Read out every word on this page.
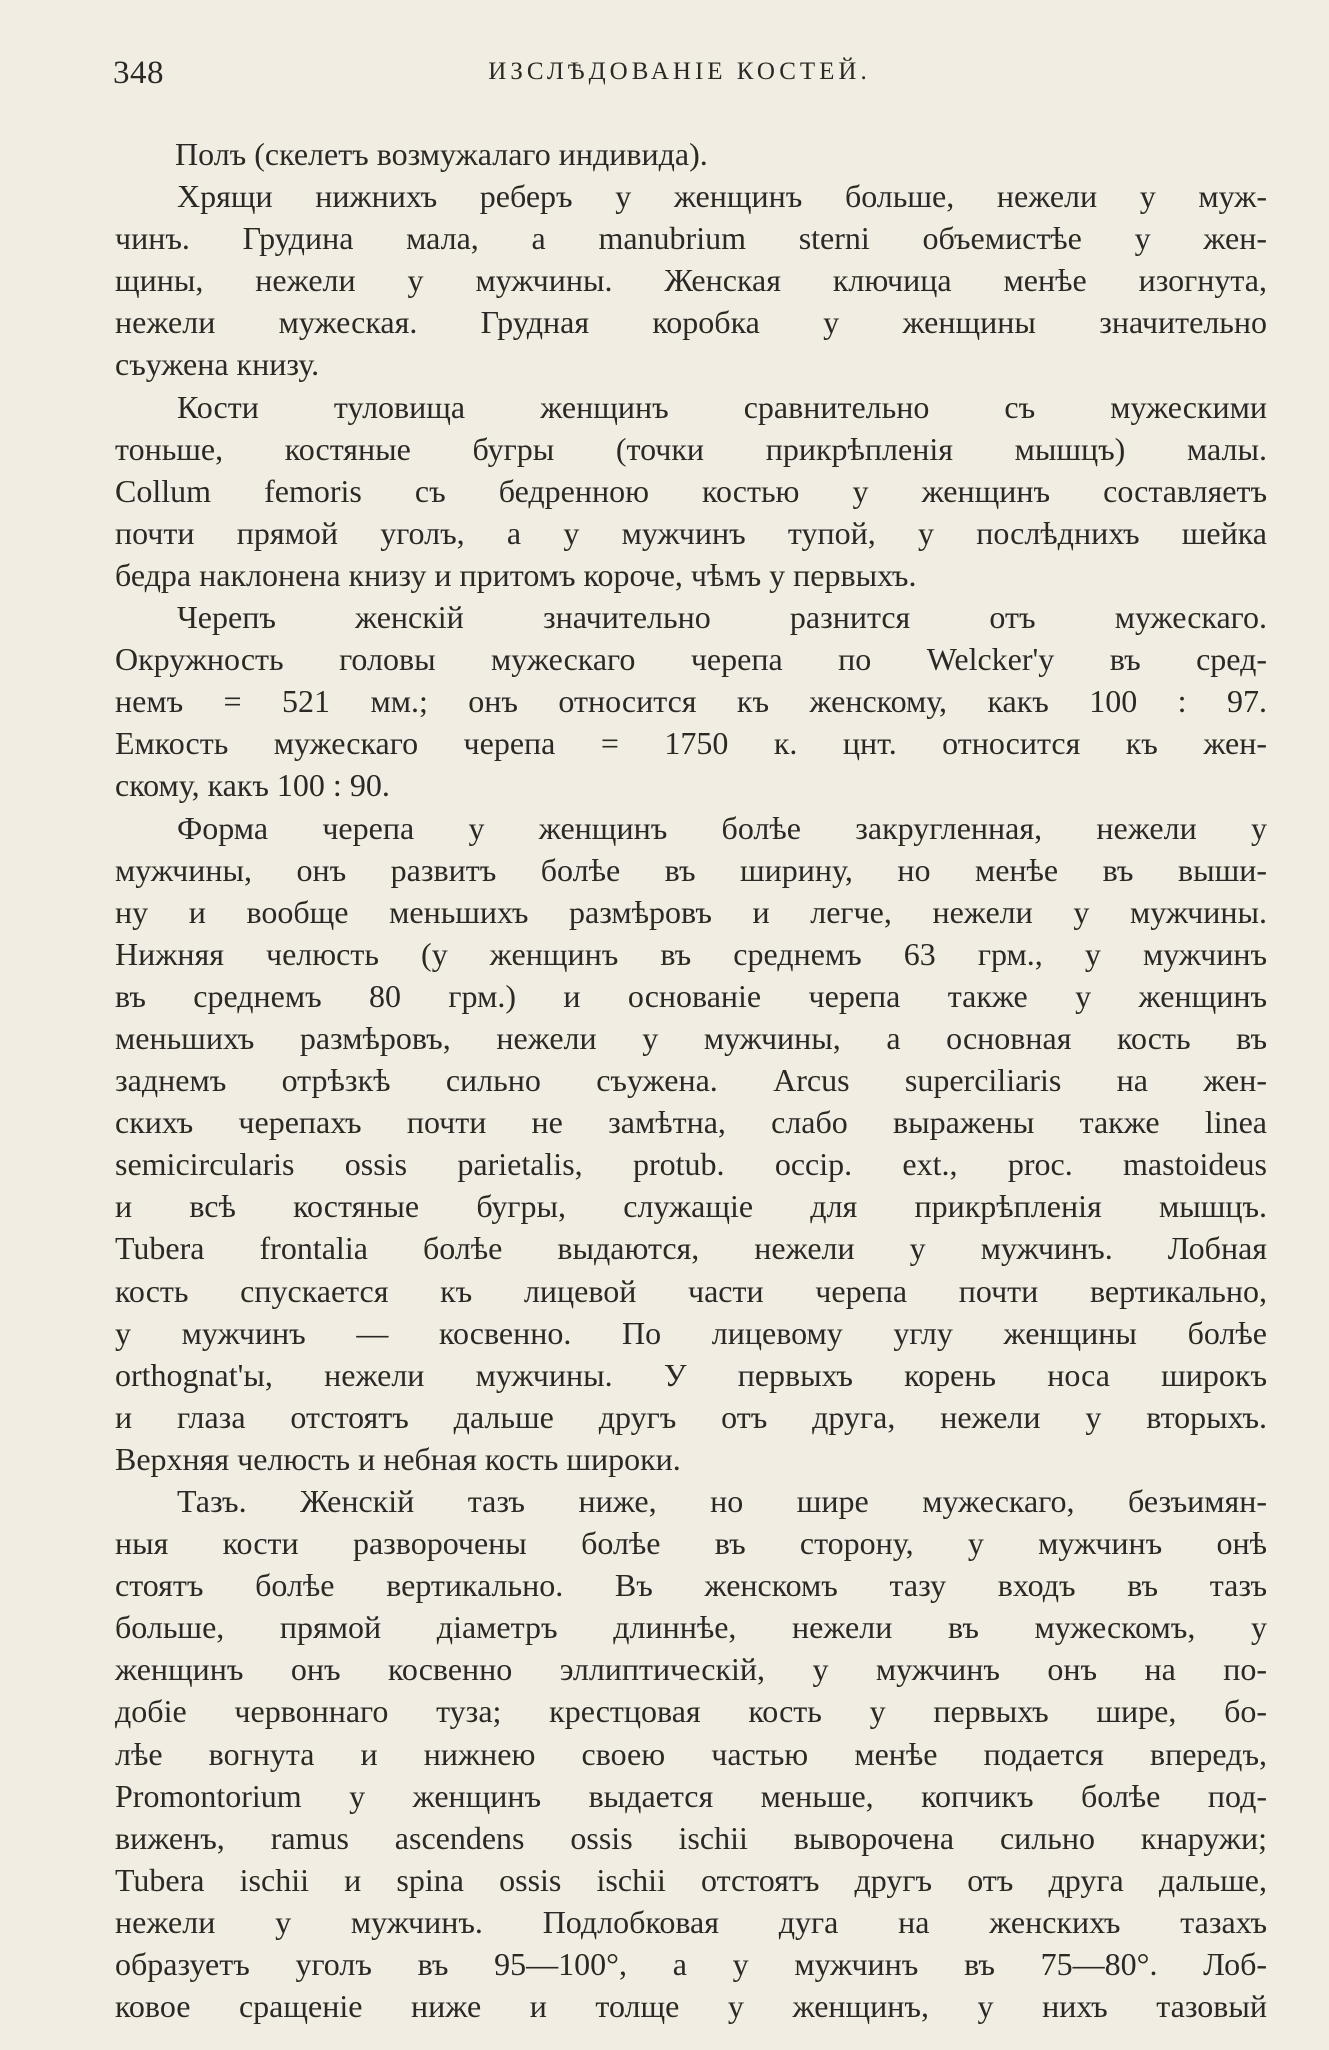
348	ИЗСЛѢДОВАНІЕ КОСТЕЙ.
Полъ (скелетъ возмужалаго индивида).
Хрящи нижнихъ реберъ у женщинъ больше, нежели у муж-
чинъ. Грудина мала, а manubrium sterni объемистѣе у жен-
щины, нежели у мужчины. Женская ключица менѣе изогнута,
нежели мужеская. Грудная коробка у женщины значительно
съужена книзу.
Кости туловища женщинъ сравнительно съ мужескими
тоньше, костяные бугры (точки прикрѣпленія мышцъ) малы.
Collum femoris съ бедренною костью у женщинъ составляетъ
почти прямой уголъ, а у мужчинъ тупой, у послѣднихъ шейка
бедра наклонена книзу и притомъ короче, чѣмъ у первыхъ.
Черепъ женскій значительно разнится отъ мужескаго.
Окружность головы мужескаго черепа по Welcker'у въ сред-
немъ = 521 мм.; онъ относится къ женскому, какъ 100 : 97.
Емкость мужескаго черепа = 1750 к. цнт. относится къ жен-
скому, какъ 100 : 90.
Форма черепа у женщинъ болѣе закругленная, нежели у
мужчины, онъ развитъ болѣе въ ширину, но менѣе въ выши-
ну и вообще меньшихъ размѣровъ и легче, нежели у мужчины.
Нижняя челюсть (у женщинъ въ среднемъ 63 грм., у мужчинъ
въ среднемъ 80 грм.) и основаніе черепа также у женщинъ
меньшихъ размѣровъ, нежели у мужчины, а основная кость въ
заднемъ отрѣзкѣ сильно съужена. Arcus superciliaris на жен-
скихъ черепахъ почти не замѣтна, слабо выражены также linea
semicircularis ossis parietalis, protub. occip. ext., proc. mastoideus
и всѣ костяные бугры, служащіе для прикрѣпленія мышцъ.
Tubera frontalia болѣе выдаются, нежели у мужчинъ. Лобная
кость спускается къ лицевой части черепа почти вертикально,
у мужчинъ — косвенно. По лицевому углу женщины болѣе
orthognat'ы, нежели мужчины. У первыхъ корень носа широкъ
и глаза отстоятъ дальше другъ отъ друга, нежели у вторыхъ.
Верхняя челюсть и небная кость широки.
Тазъ. Женскій тазъ ниже, но шире мужескаго, безъимян-
ныя кости разворочены болѣе въ сторону, у мужчинъ онѣ
стоятъ болѣе вертикально. Въ женскомъ тазу входъ въ тазъ
больше, прямой діаметръ длиннѣе, нежели въ мужескомъ, у
женщинъ онъ косвенно эллиптическій, у мужчинъ онъ на по-
добіе червоннаго туза; крестцовая кость у первыхъ шире, бо-
лѣе вогнута и нижнею своею частью менѣе подается впередъ,
Promontorium у женщинъ выдается меньше, копчикъ болѣе под-
виженъ, ramus ascendens ossis ischii выворочена сильно кнаружи;
Tubera ischii и spina ossis ischii отстоятъ другъ отъ друга дальше,
нежели у мужчинъ. Подлобковая дуга на женскихъ тазахъ
образуетъ уголъ въ 95—100°, а у мужчинъ въ 75—80°. Лоб-
ковое сращеніе ниже и толще у женщинъ, у нихъ тазовый
